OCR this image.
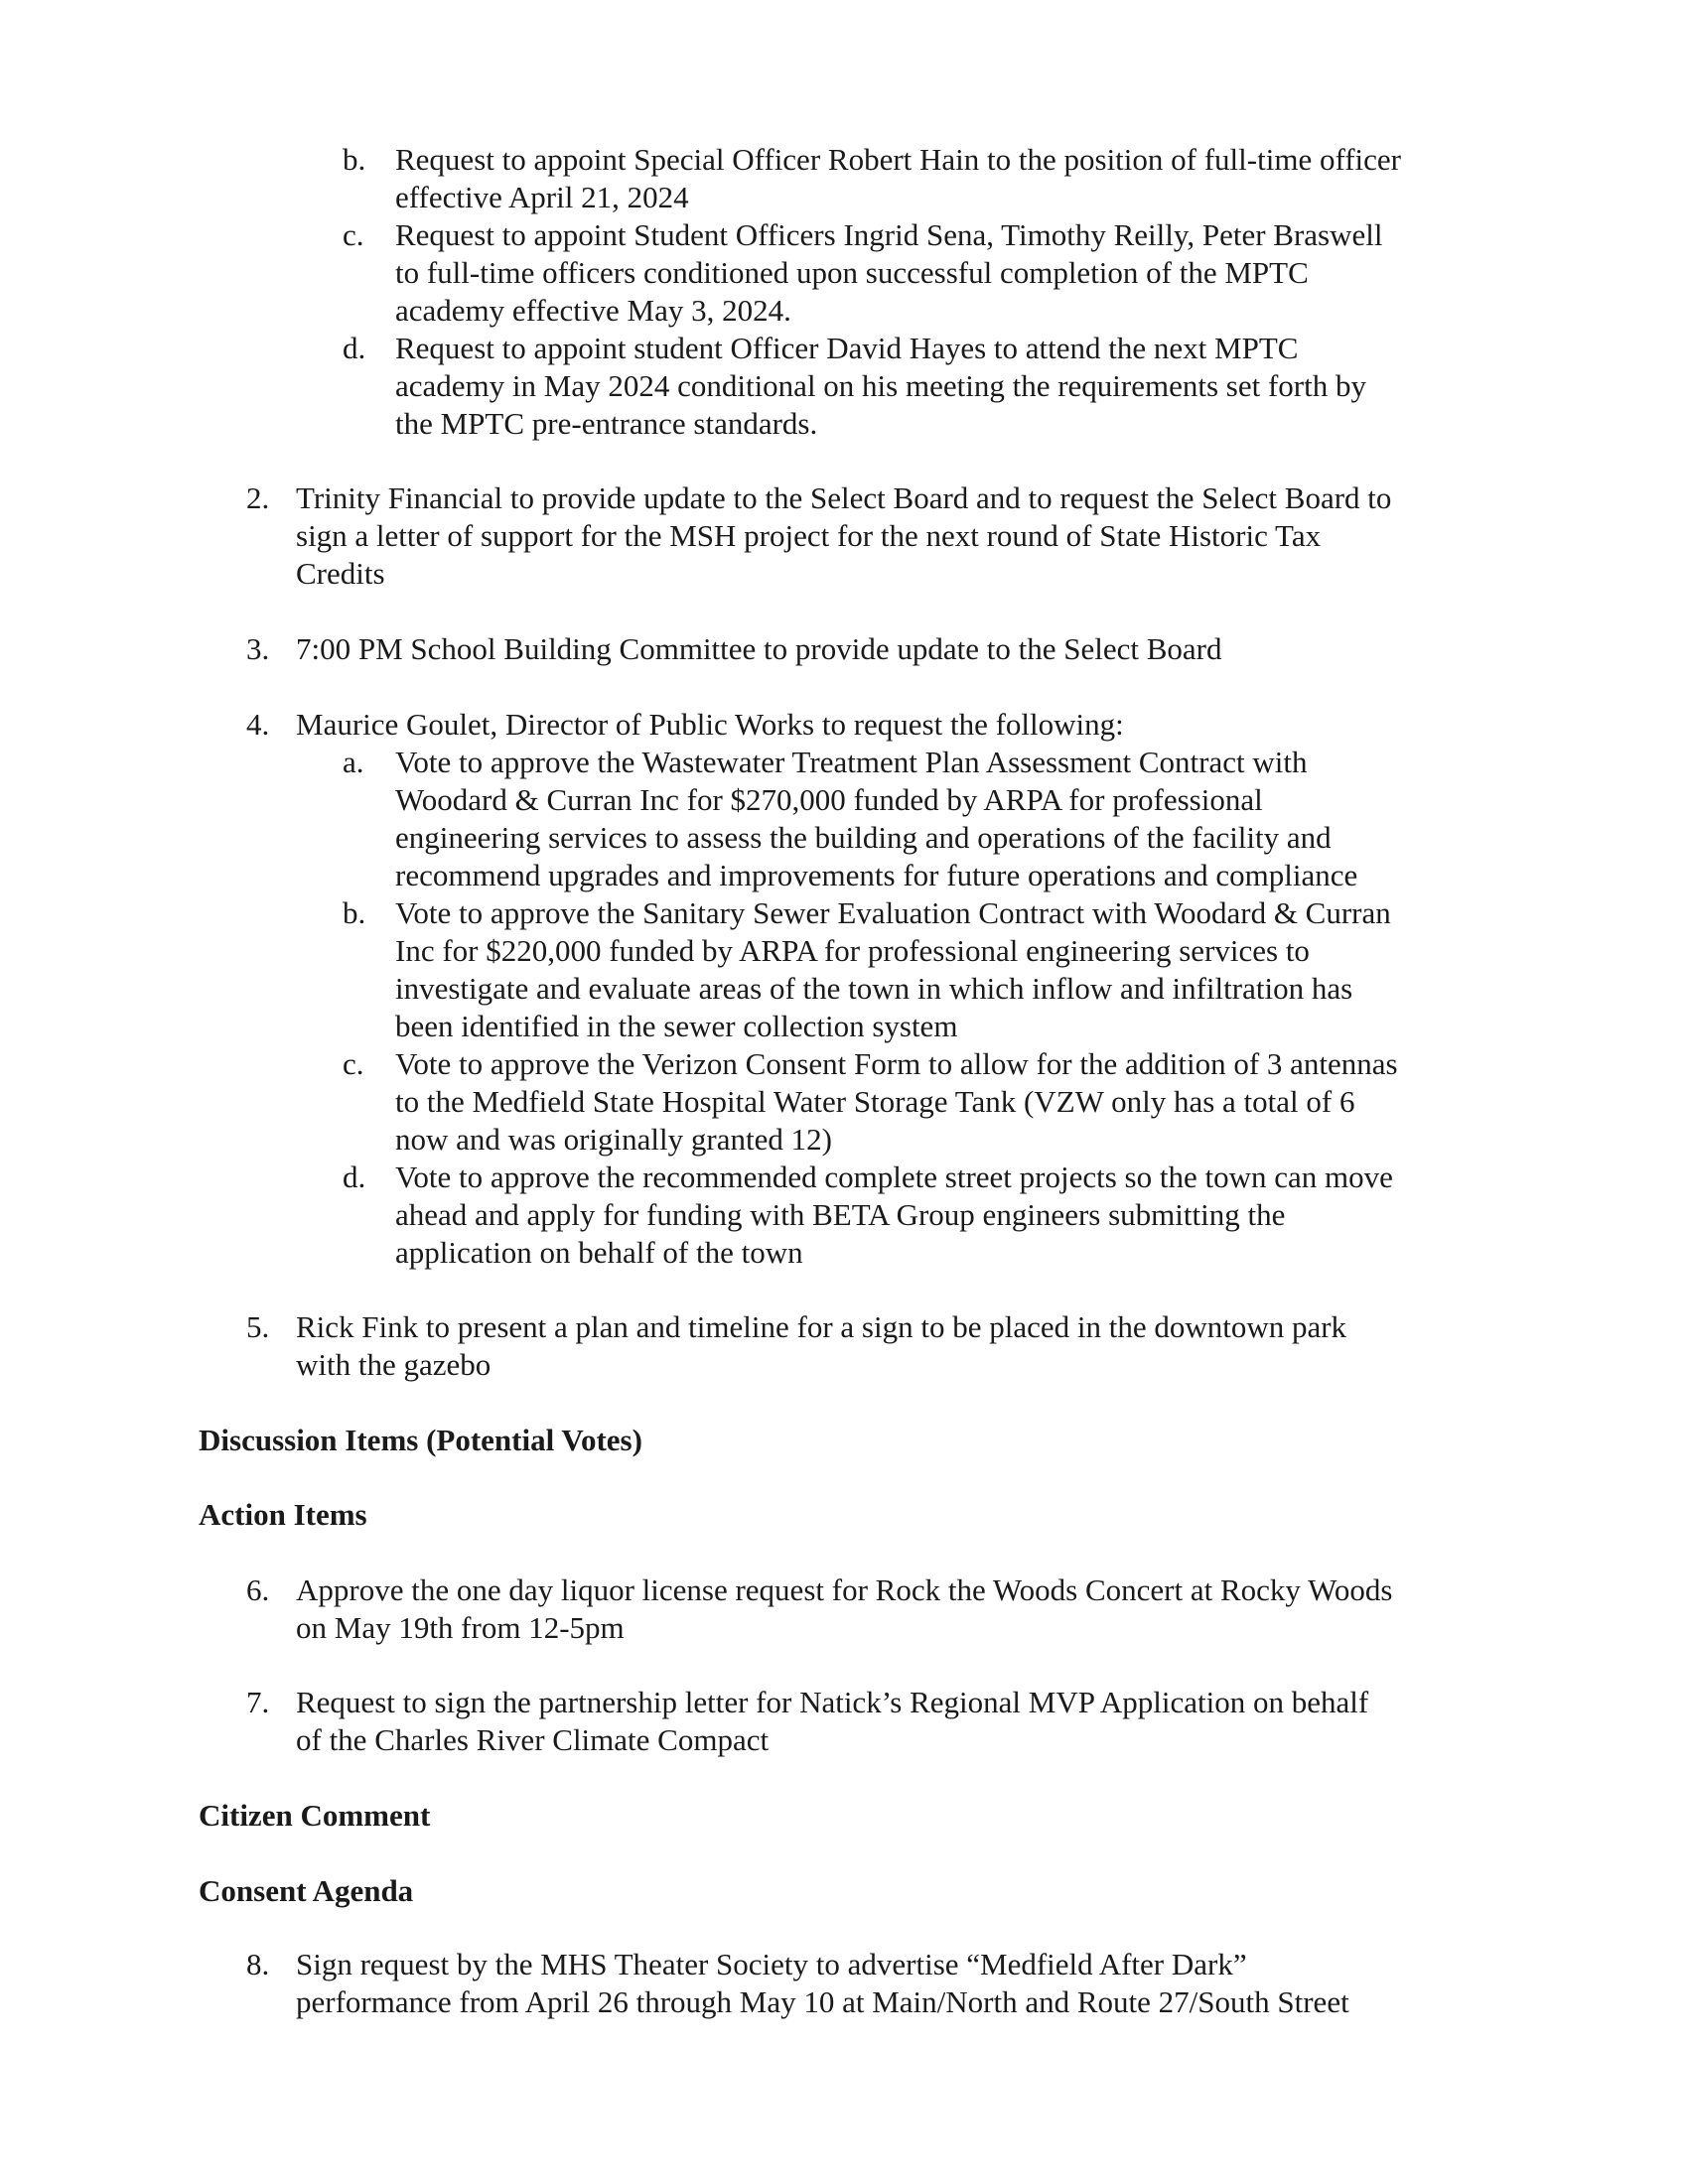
b. Request to appoint Special Officer Robert Hain to the position of full-time officer
effective April 21, 2024
c. Request to appoint Student Officers Ingrid Sena, Timothy Reilly, Peter Braswell
to full-time officers conditioned upon successful completion of the MPTC
academy effective May 3, 2024.
d. Request to appoint student Officer David Hayes to attend the next MPTC
academy in May 2024 conditional on his meeting the requirements set forth by
the MPTC pre-entrance standards.
2. Trinity Financial to provide update to the Select Board and to request the Select Board to
sign a letter of support for the MSH project for the next round of State Historic Tax
Credits
3. 7:00 PM School Building Committee to provide update to the Select Board
4. Maurice Goulet, Director of Public Works to request the following:
a. Vote to approve the Wastewater Treatment Plan Assessment Contract with
Woodard & Curran Inc for $270,000 funded by ARPA for professional
engineering services to assess the building and operations of the facility and
recommend upgrades and improvements for future operations and compliance
b. Vote to approve the Sanitary Sewer Evaluation Contract with Woodard & Curran
Inc for $220,000 funded by ARPA for professional engineering services to
investigate and evaluate areas of the town in which inflow and infiltration has
been identified in the sewer collection system
c. Vote to approve the Verizon Consent Form to allow for the addition of 3 antennas
to the Medfield State Hospital Water Storage Tank (VZW only has a total of 6
now and was originally granted 12)
d. Vote to approve the recommended complete street projects so the town can move
ahead and apply for funding with BETA Group engineers submitting the
application on behalf of the town
5. Rick Fink to present a plan and timeline for a sign to be placed in the downtown park
with the gazebo
6. Approve the one day liquor license request for Rock the Woods Concert at Rocky Woods
on May 19th from 12-5pm
7. Request to sign the partnership letter for Natick’s Regional MVP Application on behalf
of the Charles River Climate Compact
8. Sign request by the MHS Theater Society to advertise “Medfield After Dark”
performance from April 26 through May 10 at Main/North and Route 27/South Street
Discussion Items (Potential Votes)
Action Items
Citizen Comment
Consent Agenda
